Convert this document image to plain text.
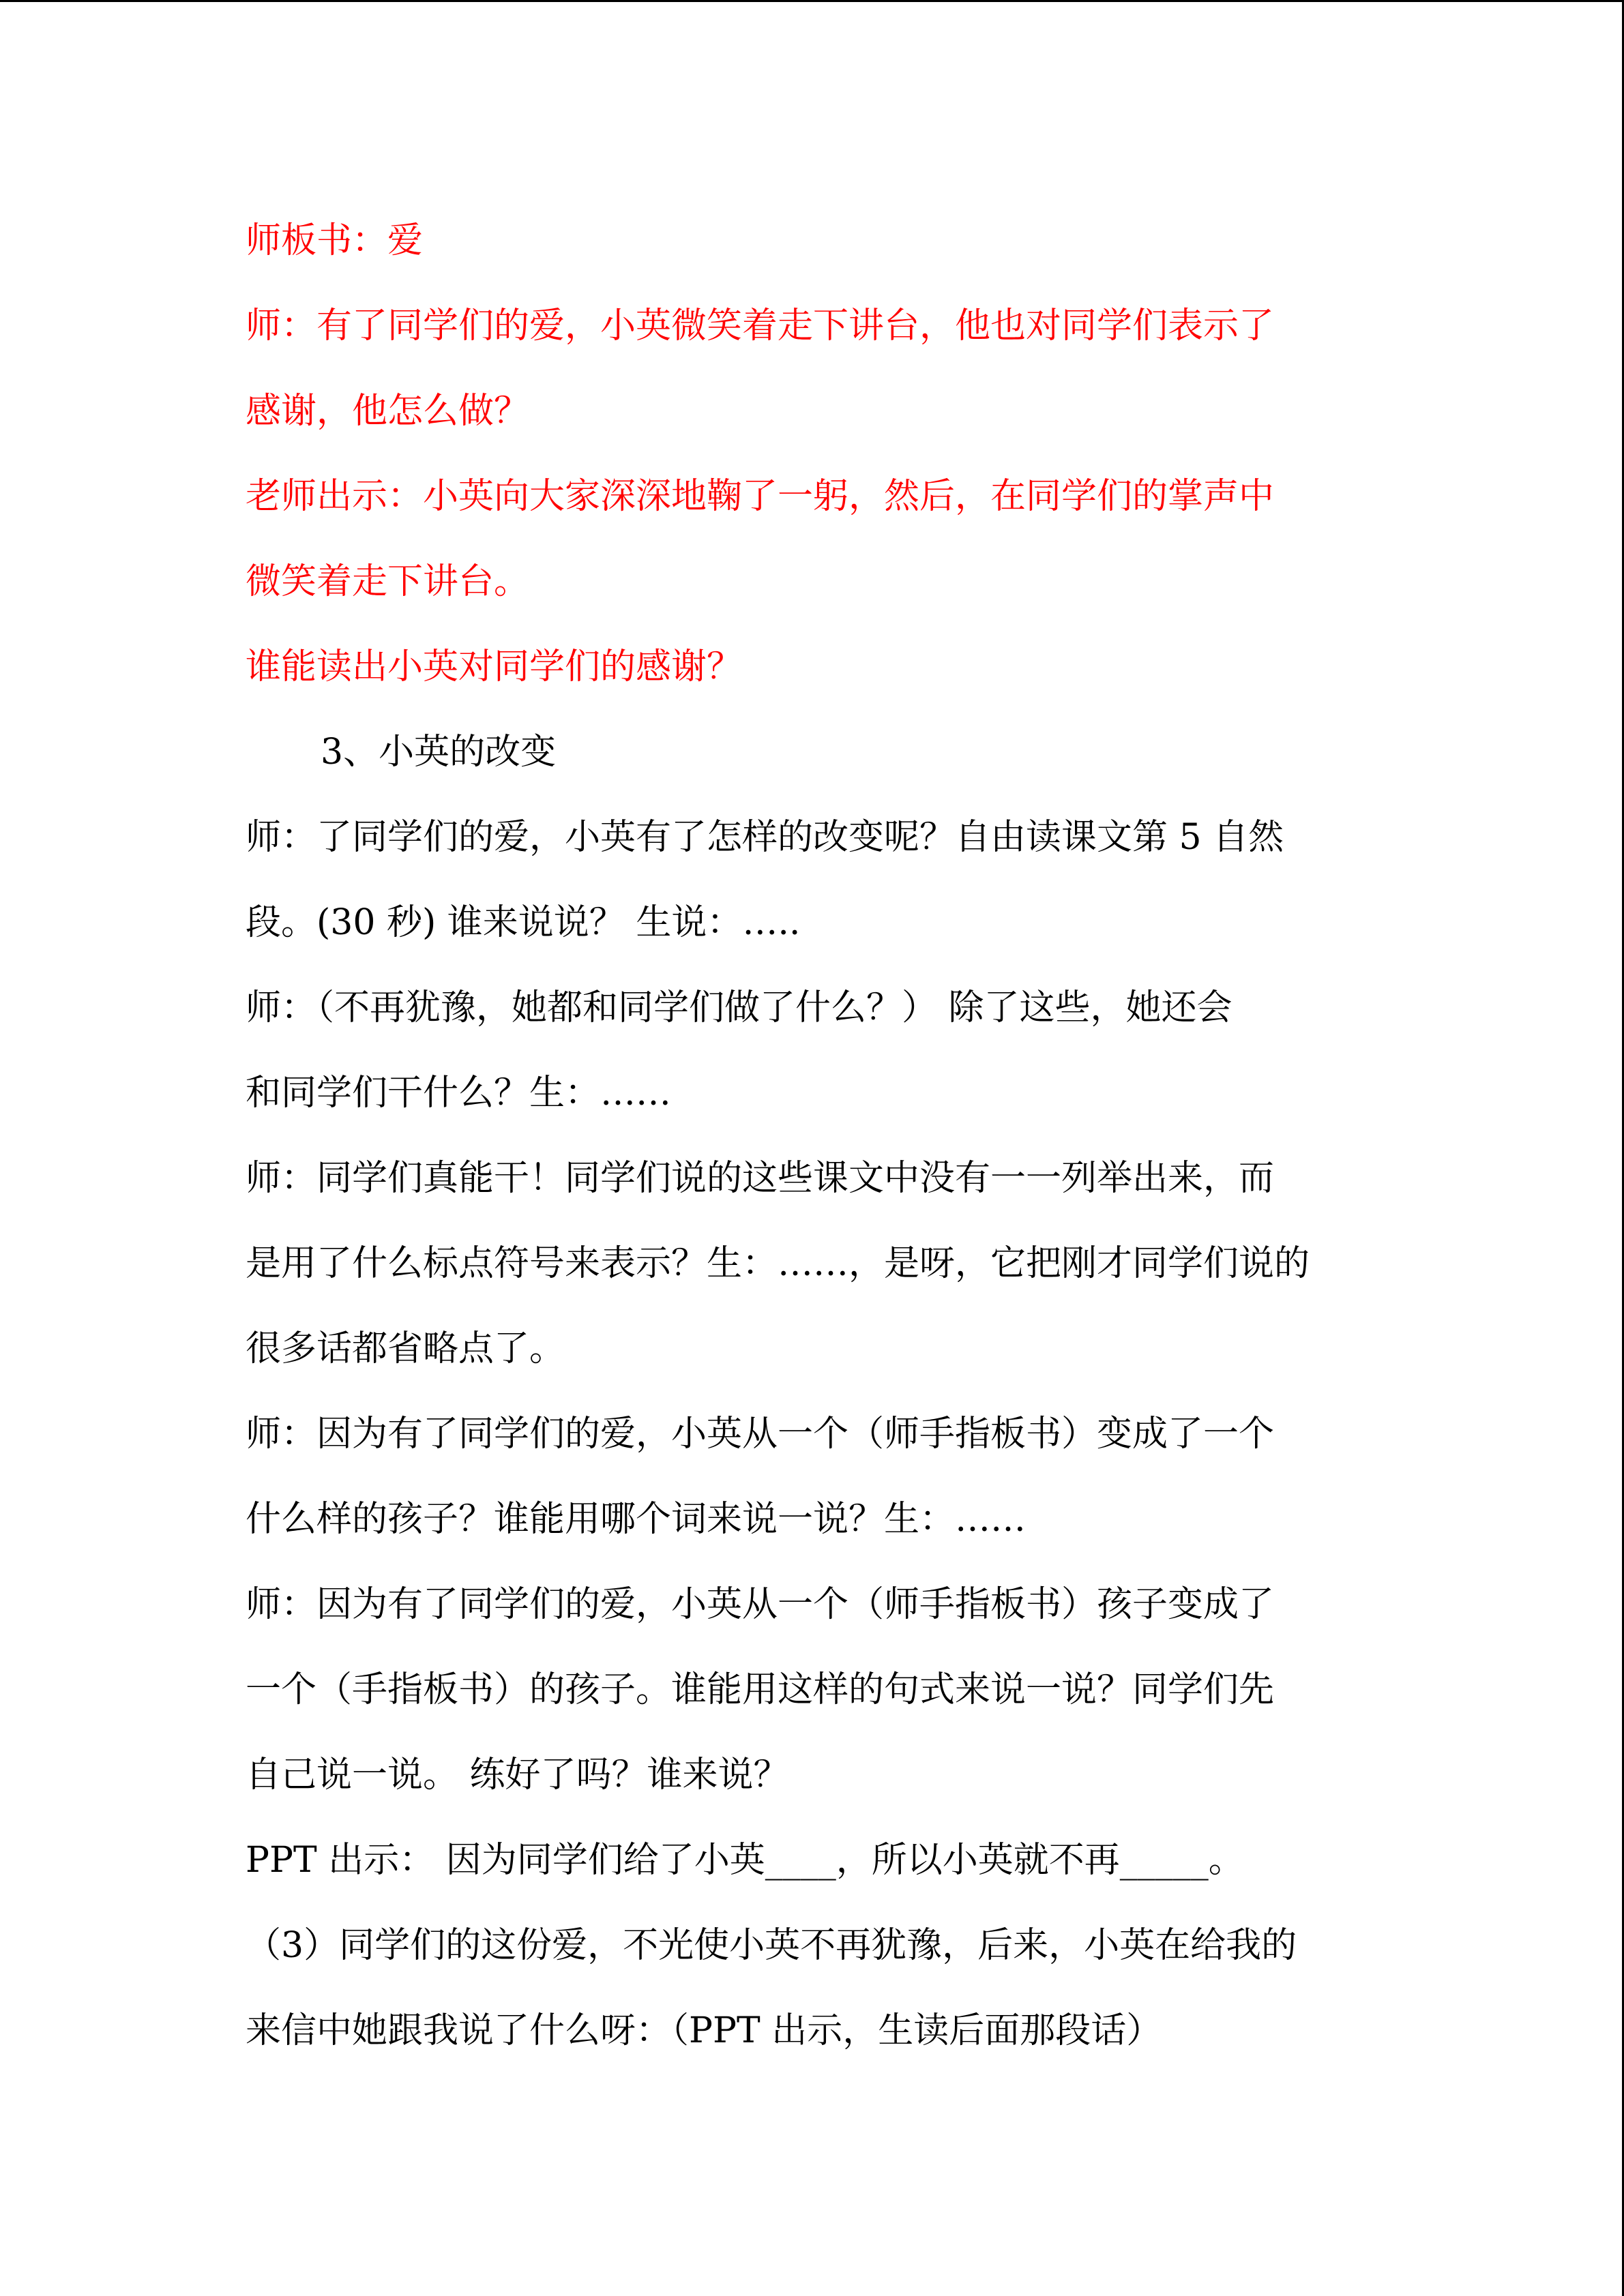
师板书：爱
师：有了同学们的爱，小英微笑着走下讲台，他也对同学们表示了
感谢，他怎么做？
老师出示：小英向大家深深地鞠了一躬，然后，在同学们的掌声中
微笑着走下讲台。
谁能读出小英对同学们的感谢？
3、小英的改变
师：了同学们的爱，小英有了怎样的改变呢？自由读课文第 5 自然
段。(30 秒) 谁来说说？ 生说：…..
师：（不再犹豫，她都和同学们做了什么？） 除了这些，她还会
和同学们干什么？生：……
师：同学们真能干！同学们说的这些课文中没有一一列举出来，而
是用了什么标点符号来表示？生：……，是呀，它把刚才同学们说的
很多话都省略点了。
师：因为有了同学们的爱，小英从一个（师手指板书）变成了一个
什么样的孩子？谁能用哪个词来说一说？生：……
师：因为有了同学们的爱，小英从一个（师手指板书）孩子变成了
一个（手指板书）的孩子。谁能用这样的句式来说一说？同学们先
自己说一说。 练好了吗？谁来说？
PPT 出示： 因为同学们给了小英____，所以小英就不再_____。
（3）同学们的这份爱，不光使小英不再犹豫，后来，小英在给我的
来信中她跟我说了什么呀：（PPT 出示，生读后面那段话）
